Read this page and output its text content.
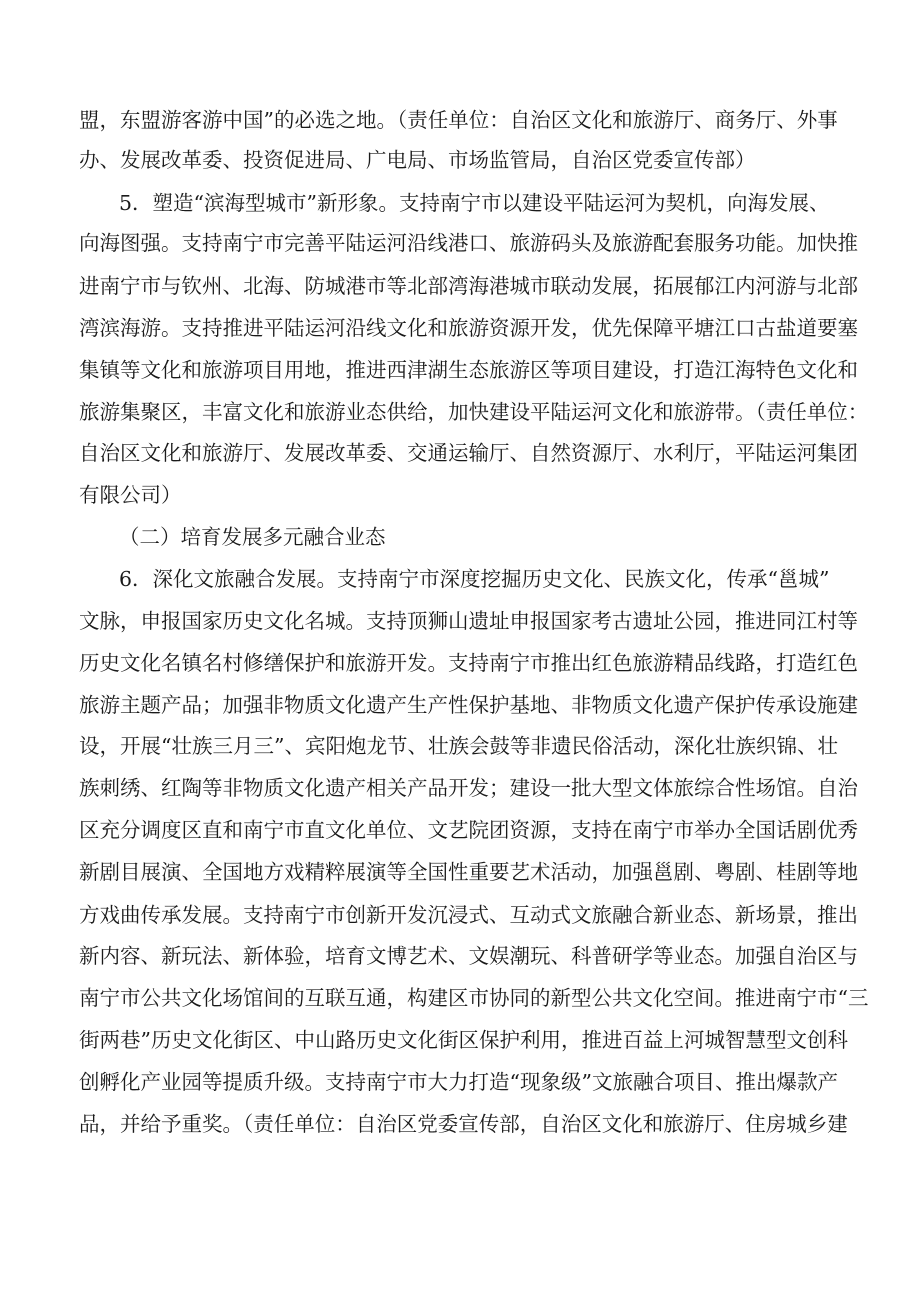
盟，东盟游客游中国”的必选之地。（责任单位：自治区文化和旅游厅、商务厅、外事
办、发展改革委、投资促进局、广电局、市场监管局，自治区党委宣传部）
5．塑造“滨海型城市”新形象。支持南宁市以建设平陆运河为契机，向海发展、
向海图强。支持南宁市完善平陆运河沿线港口、旅游码头及旅游配套服务功能。加快推
进南宁市与钦州、北海、防城港市等北部湾海港城市联动发展，拓展郁江内河游与北部
湾滨海游。支持推进平陆运河沿线文化和旅游资源开发，优先保障平塘江口古盐道要塞
集镇等文化和旅游项目用地，推进西津湖生态旅游区等项目建设，打造江海特色文化和
旅游集聚区，丰富文化和旅游业态供给，加快建设平陆运河文化和旅游带。（责任单位：
自治区文化和旅游厅、发展改革委、交通运输厅、自然资源厅、水利厅，平陆运河集团
有限公司）
（二）培育发展多元融合业态
6．深化文旅融合发展。支持南宁市深度挖掘历史文化、民族文化，传承“邕城”
文脉，申报国家历史文化名城。支持顶狮山遗址申报国家考古遗址公园，推进同江村等
历史文化名镇名村修缮保护和旅游开发。支持南宁市推出红色旅游精品线路，打造红色
旅游主题产品；加强非物质文化遗产生产性保护基地、非物质文化遗产保护传承设施建
设，开展“壮族三月三”、宾阳炮龙节、壮族会鼓等非遗民俗活动，深化壮族织锦、壮
族刺绣、红陶等非物质文化遗产相关产品开发；建设一批大型文体旅综合性场馆。自治
区充分调度区直和南宁市直文化单位、文艺院团资源，支持在南宁市举办全国话剧优秀
新剧目展演、全国地方戏精粹展演等全国性重要艺术活动，加强邕剧、粤剧、桂剧等地
方戏曲传承发展。支持南宁市创新开发沉浸式、互动式文旅融合新业态、新场景，推出
新内容、新玩法、新体验，培育文博艺术、文娱潮玩、科普研学等业态。加强自治区与
南宁市公共文化场馆间的互联互通，构建区市协同的新型公共文化空间。推进南宁市“三
街两巷”历史文化街区、中山路历史文化街区保护利用，推进百益上河城智慧型文创科
创孵化产业园等提质升级。支持南宁市大力打造“现象级”文旅融合项目、推出爆款产
品，并给予重奖。（责任单位：自治区党委宣传部，自治区文化和旅游厅、住房城乡建
